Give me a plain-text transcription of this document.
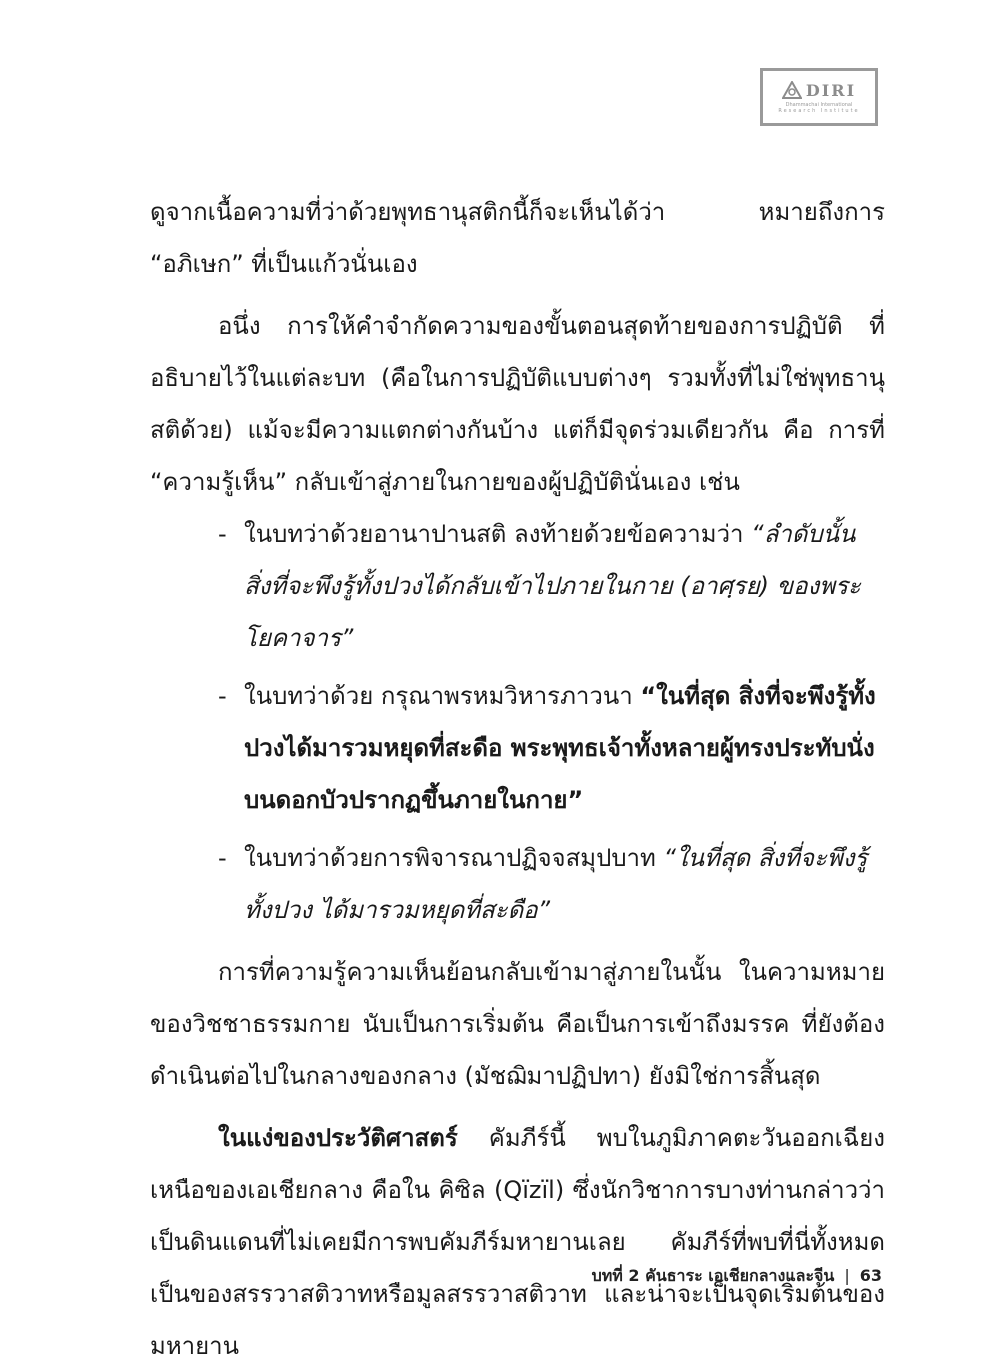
DIRI
Dhammachai International
Research Institute

ดูจากเนื้อความที่ว่าด้วยพุทธานุสติกนี้ก็จะเห็นได้ว่า หมายถึงการ “อภิเษก” ที่เป็นแก้วนั่นเอง

อนึ่ง การให้คำจำกัดความของขั้นตอนสุดท้ายของการปฏิบัติ ที่อธิบายไว้ในแต่ละบท (คือในการปฏิบัติแบบต่างๆ รวมทั้งที่ไม่ใช่พุทธานุสติด้วย) แม้จะมีความแตกต่างกันบ้าง แต่ก็มีจุดร่วมเดียวกัน คือ การที่ “ความรู้เห็น” กลับเข้าสู่ภายในกายของผู้ปฏิบัตินั่นเอง เช่น

- ในบทว่าด้วยอานาปานสติ ลงท้ายด้วยข้อความว่า “ลำดับนั้น สิ่งที่จะพึงรู้ทั้งปวงได้กลับเข้าไปภายในกาย (อาศฺรย) ของพระโยคาจาร”

- ในบทว่าด้วย กรุณาพรหมวิหารภาวนา “ในที่สุด สิ่งที่จะพึงรู้ทั้งปวงได้มารวมหยุดที่สะดือ พระพุทธเจ้าทั้งหลายผู้ทรงประทับนั่งบนดอกบัวปรากฏขึ้นภายในกาย”

- ในบทว่าด้วยการพิจารณาปฏิจจสมุปบาท “ในที่สุด สิ่งที่จะพึงรู้ทั้งปวง ได้มารวมหยุดที่สะดือ”

การที่ความรู้ความเห็นย้อนกลับเข้ามาสู่ภายในนั้น ในความหมายของวิชชาธรรมกาย นับเป็นการเริ่มต้น คือเป็นการเข้าถึงมรรค ที่ยังต้องดำเนินต่อไปในกลางของกลาง (มัชฌิมาปฏิปทา) ยังมิใช่การสิ้นสุด

ในแง่ของประวัติศาสตร์ คัมภีร์นี้ พบในภูมิภาคตะวันออกเฉียงเหนือของเอเชียกลาง คือใน คิซิล (Qïzïl) ซึ่งนักวิชาการบางท่านกล่าวว่าเป็นดินแดนที่ไม่เคยมีการพบคัมภีร์มหายานเลย คัมภีร์ที่พบที่นี่ทั้งหมดเป็นของสรรวาสติวาทหรือมูลสรรวาสติวาท และน่าจะเป็นจุดเริ่มต้นของมหายาน

บทที่ 2 คันธาระ เอเชียกลางและจีน | 63
